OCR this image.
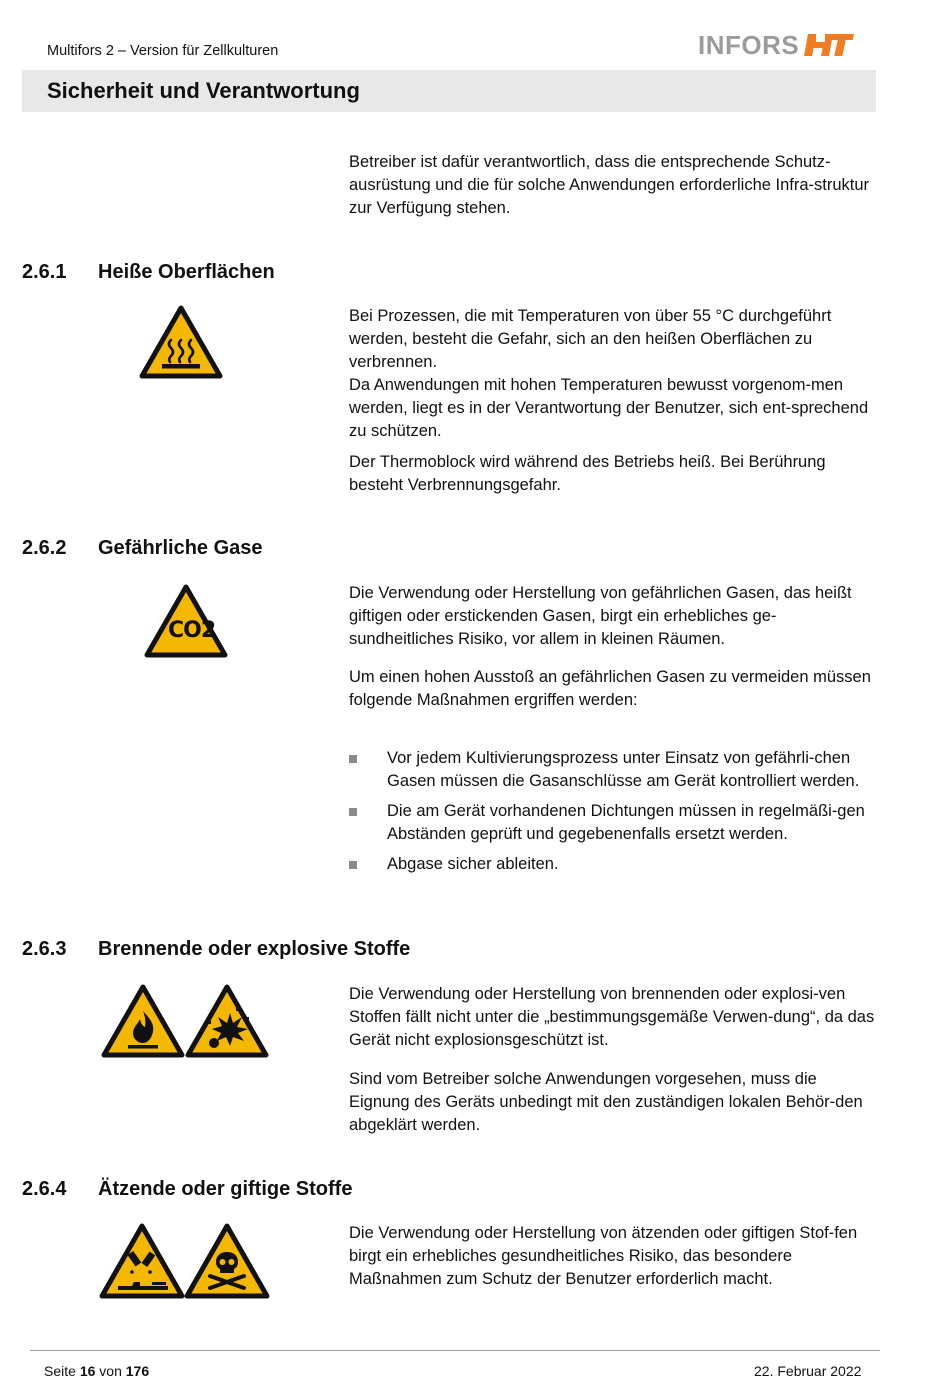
Multifors 2 – Version für Zellkulturen	INFORS
Sicherheit und Verantwortung

Betreiber ist dafür verantwortlich, dass die entsprechende Schutz-ausrüstung und die für solche Anwendungen erforderliche Infra-struktur zur Verfügung stehen.

2.6.1 Heiße Oberflächen

Bei Prozessen, die mit Temperaturen von über 55 °C durchgeführt werden, besteht die Gefahr, sich an den heißen Oberflächen zu verbrennen.

Da Anwendungen mit hohen Temperaturen bewusst vorgenom-men werden, liegt es in der Verantwortung der Benutzer, sich ent-sprechend zu schützen.

Der Thermoblock wird während des Betriebs heiß. Bei Berührung besteht Verbrennungsgefahr.

2.6.2 Gefährliche Gase
CO2

Die Verwendung oder Herstellung von gefährlichen Gasen, das heißt giftigen oder erstickenden Gasen, birgt ein erhebliches ge-sundheitliches Risiko, vor allem in kleinen Räumen.

Um einen hohen Ausstoß an gefährlichen Gasen zu vermeiden müssen folgende Maßnahmen ergriffen werden:

Vor jedem Kultivierungsprozess unter Einsatz von gefährli-chen Gasen müssen die Gasanschlüsse am Gerät kontrolliert werden.
Die am Gerät vorhandenen Dichtungen müssen in regelmäßi-gen Abständen geprüft und gegebenenfalls ersetzt werden.
Abgase sicher ableiten.
2.6.3 Brennende oder explosive Stoffe

Die Verwendung oder Herstellung von brennenden oder explosi-ven Stoffen fällt nicht unter die „bestimmungsgemäße Verwen-dung“, da das Gerät nicht explosionsgeschützt ist.

Sind vom Betreiber solche Anwendungen vorgesehen, muss die Eignung des Geräts unbedingt mit den zuständigen lokalen Behör-den abgeklärt werden.

2.6.4 Ätzende oder giftige Stoffe

Die Verwendung oder Herstellung von ätzenden oder giftigen Stof-fen birgt ein erhebliches gesundheitliches Risiko, das besondere Maßnahmen zum Schutz der Benutzer erforderlich macht.

Seite 16 von 176	22. Februar 2022
